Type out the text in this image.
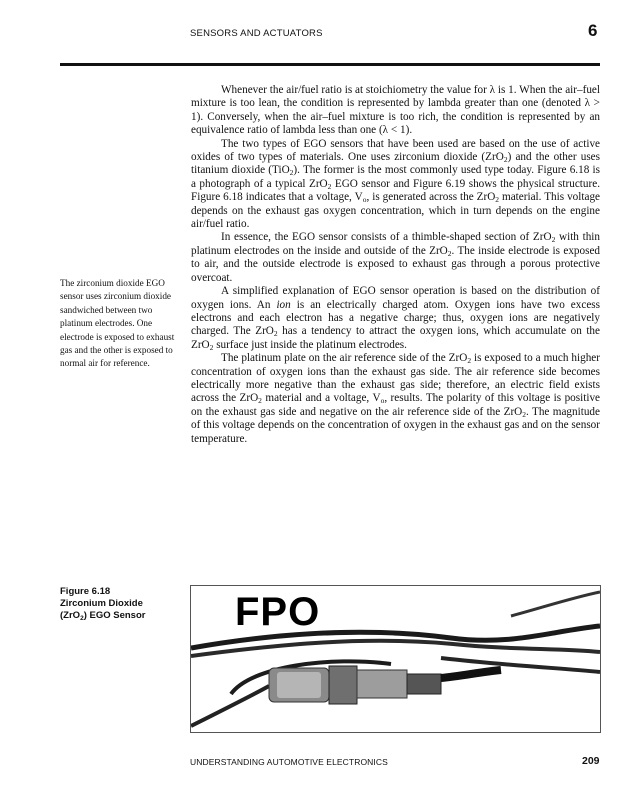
SENSORS AND ACTUATORS	6
The zirconium dioxide EGO sensor uses zirconium dioxide sandwiched between two platinum electrodes. One electrode is exposed to exhaust gas and the other is exposed to normal air for reference.

Whenever the air/fuel ratio is at stoichiometry the value for λ is 1. When the air–fuel mixture is too lean, the condition is represented by lambda greater than one (denoted λ > 1). Conversely, when the air–fuel mixture is too rich, the condition is represented by an equivalence ratio of lambda less than one (λ < 1).

The two types of EGO sensors that have been used are based on the use of active oxides of two types of materials. One uses zirconium dioxide (ZrO$_2$) and the other uses titanium dioxide (TiO$_2$). The former is the most commonly used type today. Figure 6.18 is a photograph of a typical ZrO$_2$ EGO sensor and Figure 6.19 shows the physical structure. Figure 6.18 indicates that a voltage, $V_o$, is generated across the ZrO$_2$ material. This voltage depends on the exhaust gas oxygen concentration, which in turn depends on the engine air/fuel ratio.

In essence, the EGO sensor consists of a thimble-shaped section of ZrO$_2$ with thin platinum electrodes on the inside and outside of the ZrO$_2$. The inside electrode is exposed to air, and the outside electrode is exposed to exhaust gas through a porous protective overcoat.

A simplified explanation of EGO sensor operation is based on the distribution of oxygen ions. An ion is an electrically charged atom. Oxygen ions have two excess electrons and each electron has a negative charge; thus, oxygen ions are negatively charged. The ZrO$_2$ has a tendency to attract the oxygen ions, which accumulate on the ZrO$_2$ surface just inside the platinum electrodes.

The platinum plate on the air reference side of the ZrO$_2$ is exposed to a much higher concentration of oxygen ions than the exhaust gas side. The air reference side becomes electrically more negative than the exhaust gas side; therefore, an electric field exists across the ZrO$_2$ material and a voltage, $V_o$, results. The polarity of this voltage is positive on the exhaust gas side and negative on the air reference side of the ZrO$_2$. The magnitude of this voltage depends on the concentration of oxygen in the exhaust gas and on the sensor temperature.

Figure 6.18
Zirconium Dioxide
(ZrO$_2$) EGO Sensor	FPO
UNDERSTANDING AUTOMOTIVE ELECTRONICS	209
